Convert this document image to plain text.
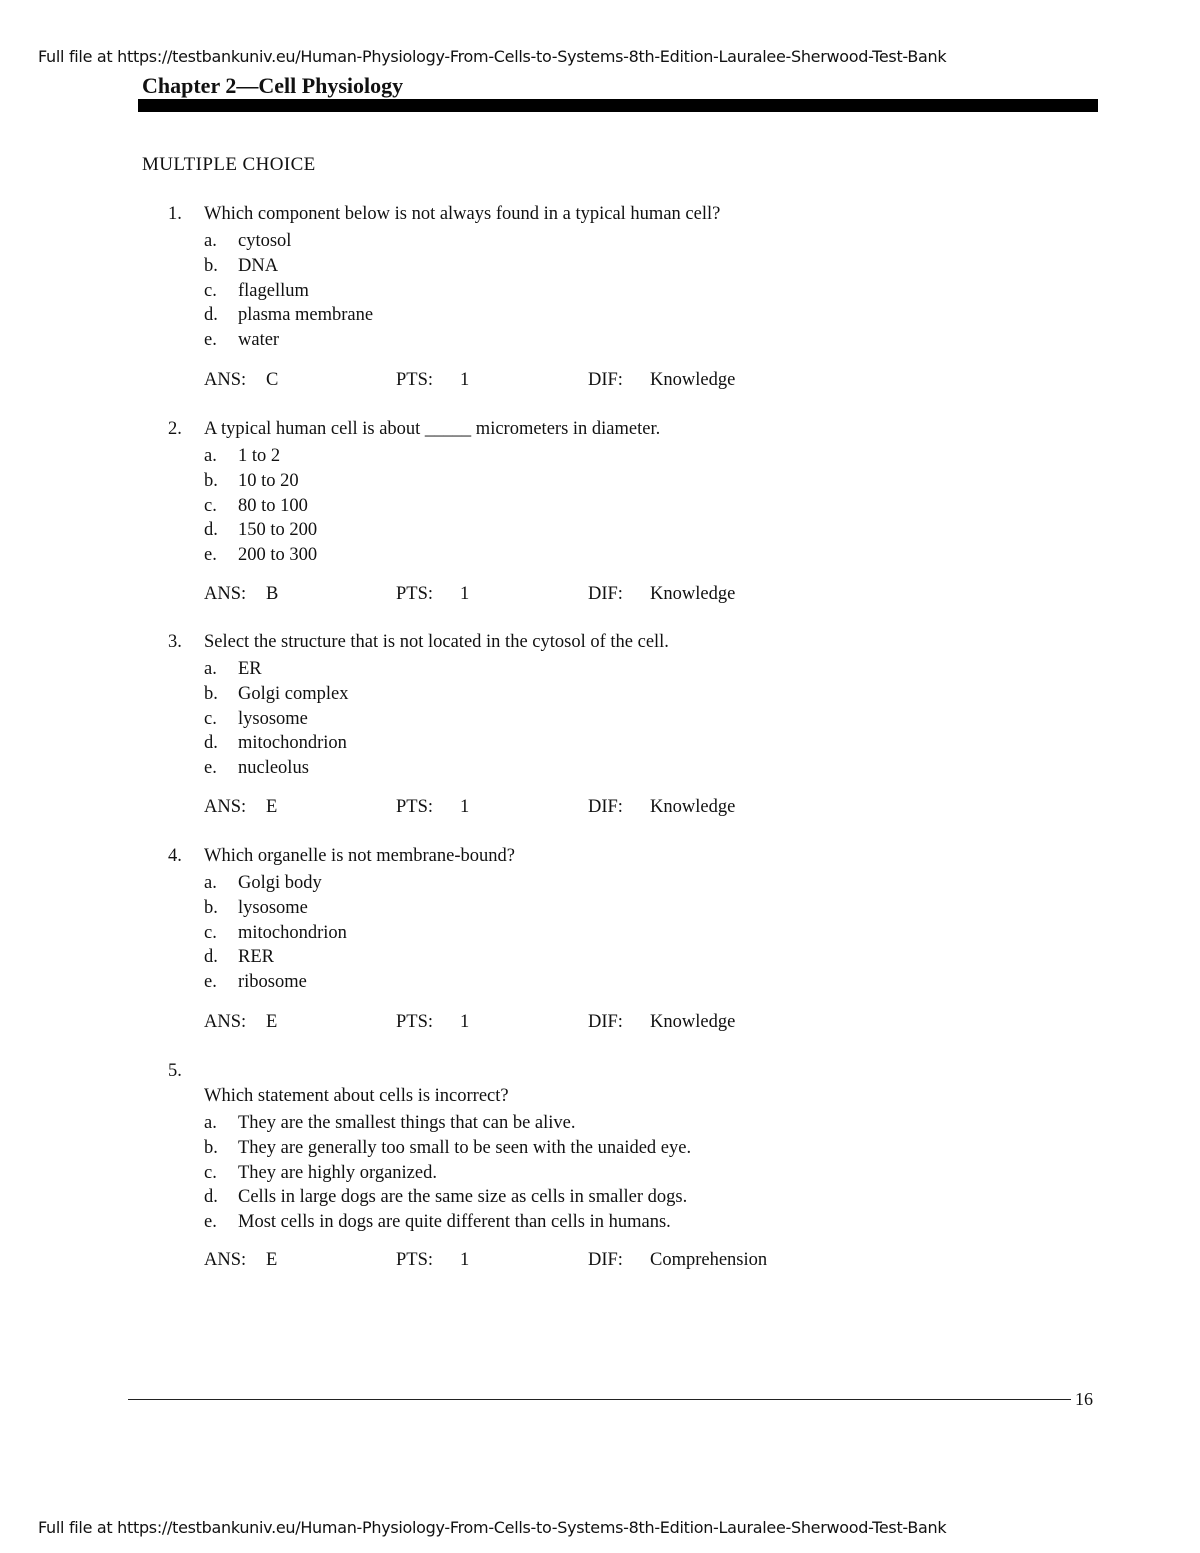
Full file at https://testbankuniv.eu/Human-Physiology-From-Cells-to-Systems-8th-Edition-Lauralee-Sherwood-Test-Bank
Chapter 2—Cell Physiology
MULTIPLE CHOICE
1. Which component below is not always found in a typical human cell?
a. cytosol
b. DNA
c. flagellum
d. plasma membrane
e. water
ANS: C	PTS: 1	DIF: Knowledge
2. A typical human cell is about _____ micrometers in diameter.
a. 1 to 2
b. 10 to 20
c. 80 to 100
d. 150 to 200
e. 200 to 300
ANS: B	PTS: 1	DIF: Knowledge
3. Select the structure that is not located in the cytosol of the cell.
a. ER
b. Golgi complex
c. lysosome
d. mitochondrion
e. nucleolus
ANS: E	PTS: 1	DIF: Knowledge
4. Which organelle is not membrane-bound?
a. Golgi body
b. lysosome
c. mitochondrion
d. RER
e. ribosome
ANS: E	PTS: 1	DIF: Knowledge
5.
Which statement about cells is incorrect?
a. They are the smallest things that can be alive.
b. They are generally too small to be seen with the unaided eye.
c. They are highly organized.
d. Cells in large dogs are the same size as cells in smaller dogs.
e. Most cells in dogs are quite different than cells in humans.
ANS: E	PTS: 1	DIF: Comprehension
16
Full file at https://testbankuniv.eu/Human-Physiology-From-Cells-to-Systems-8th-Edition-Lauralee-Sherwood-Test-Bank
